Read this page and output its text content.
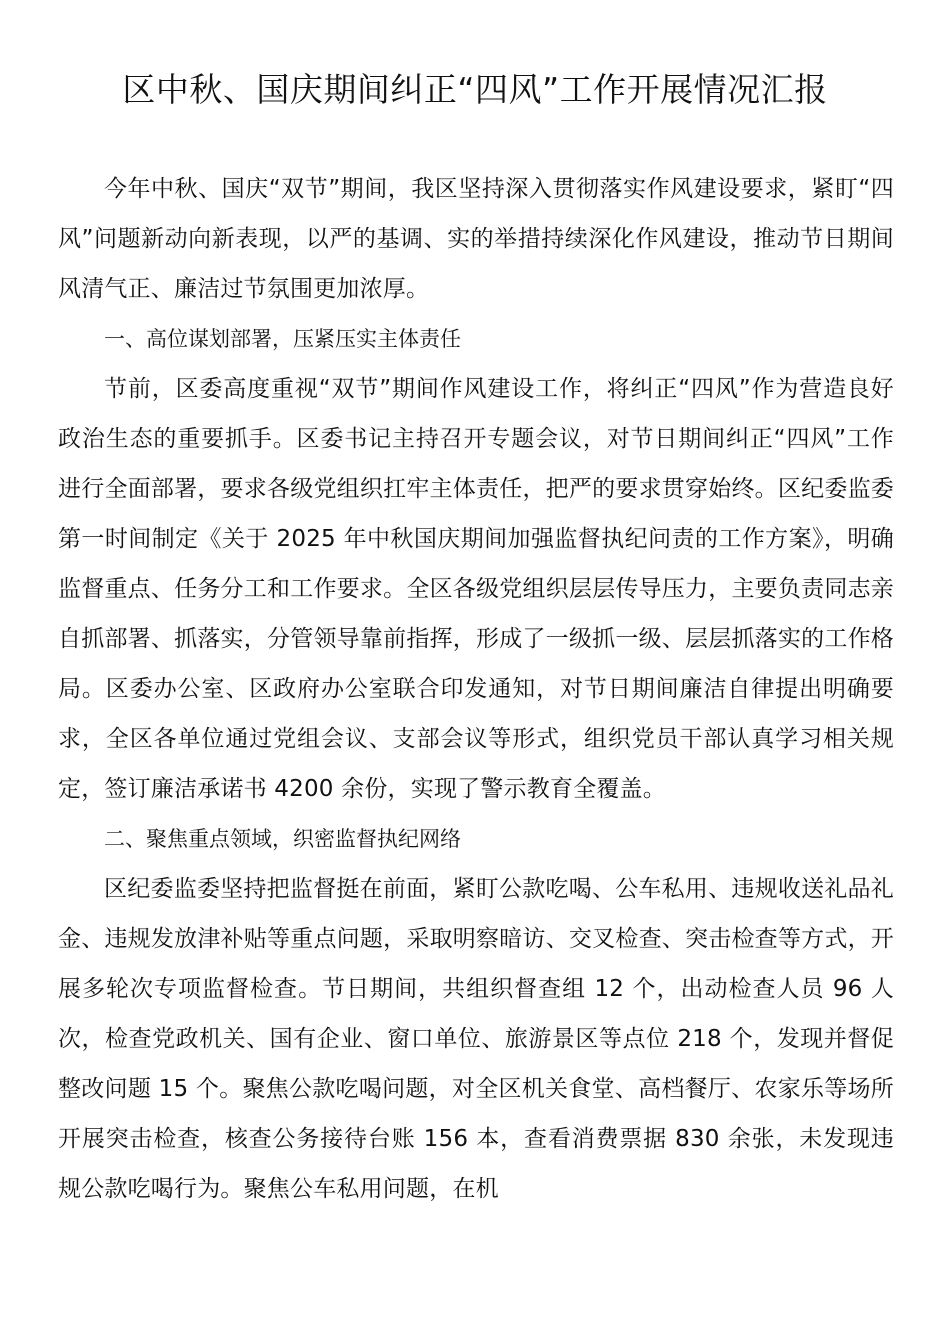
区中秋、国庆期间纠正“四风”工作开展情况汇报

今年中秋、国庆“双节”期间，我区坚持深入贯彻落实作风建设要求，紧盯“四风”问题新动向新表现，以严的基调、实的举措持续深化作风建设，推动节日期间风清气正、廉洁过节氛围更加浓厚。

一、高位谋划部署，压紧压实主体责任

节前，区委高度重视“双节”期间作风建设工作，将纠正“四风”作为营造良好政治生态的重要抓手。区委书记主持召开专题会议，对节日期间纠正“四风”工作进行全面部署，要求各级党组织扛牢主体责任，把严的要求贯穿始终。区纪委监委第一时间制定《关于 2025 年中秋国庆期间加强监督执纪问责的工作方案》，明确监督重点、任务分工和工作要求。全区各级党组织层层传导压力，主要负责同志亲自抓部署、抓落实，分管领导靠前指挥，形成了一级抓一级、层层抓落实的工作格局。区委办公室、区政府办公室联合印发通知，对节日期间廉洁自律提出明确要求，全区各单位通过党组会议、支部会议等形式，组织党员干部认真学习相关规定，签订廉洁承诺书 4200 余份，实现了警示教育全覆盖。

二、聚焦重点领域，织密监督执纪网络

区纪委监委坚持把监督挺在前面，紧盯公款吃喝、公车私用、违规收送礼品礼金、违规发放津补贴等重点问题，采取明察暗访、交叉检查、突击检查等方式，开展多轮次专项监督检查。节日期间，共组织督查组 12 个，出动检查人员 96 人次，检查党政机关、国有企业、窗口单位、旅游景区等点位 218 个，发现并督促整改问题 15 个。聚焦公款吃喝问题，对全区机关食堂、高档餐厅、农家乐等场所开展突击检查，核查公务接待台账 156 本，查看消费票据 830 余张，未发现违规公款吃喝行为。聚焦公车私用问题，在机
